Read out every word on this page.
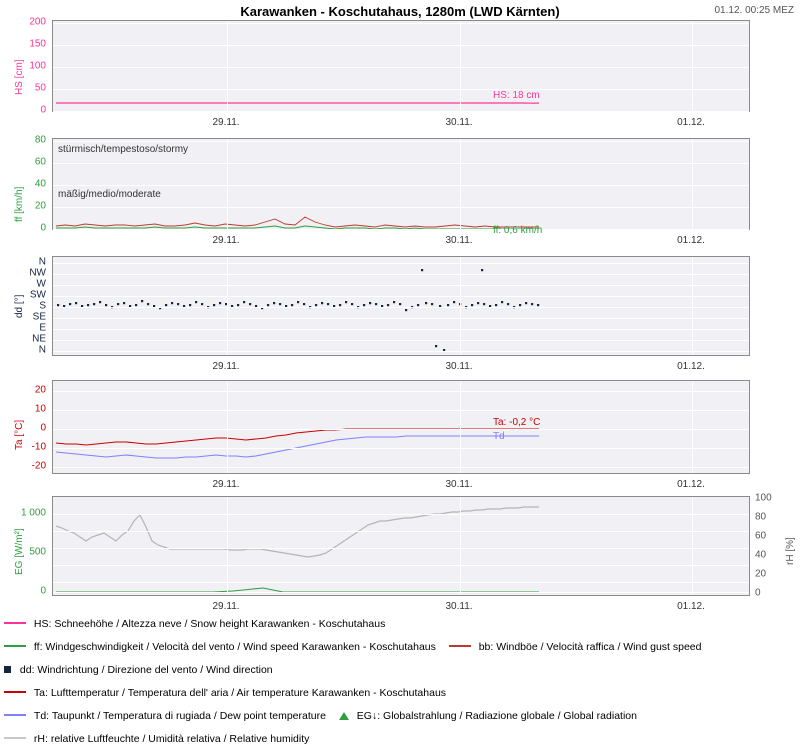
Karawanken - Koschutahaus, 1280m (LWD Kärnten)	01.12. 00:25 MEZ
HS [cm]
200
150
100
50
0
HS: 18 cm
29.11.	30.11.	01.12.
ff [km/h]
80
60
40
20
0
stürmisch/tempestoso/stormy
mäßig/medio/moderate
ff: 0,6 km/h
29.11.	30.11.	01.12.
dd [°]
N
NW
W
SW
S
SE
E
NE
N
29.11.	30.11.	01.12.
Ta [°C]
20
10
0
-10
-20
Ta: -0,2 °C
Td
29.11.	30.11.	01.12.
EG [W/m²]
1 000
500
0
100
80
60
40
20
0
rH [%]
29.11.	30.11.	01.12.
HS: Schneehöhe / Altezza neve / Snow height Karawanken - Koschutahaus
ff: Windgeschwindigkeit / Velocità del vento / Wind speed Karawanken - Koschutahaus	bb: Windböe / Velocità raffica / Wind gust speed
dd: Windrichtung / Direzione del vento / Wind direction
Ta: Lufttemperatur / Temperatura dell' aria / Air temperature Karawanken - Koschutahaus
Td: Taupunkt / Temperatura di rugiada / Dew point temperature	EG↓: Globalstrahlung / Radiazione globale / Global radiation
rH: relative Luftfeuchte / Umidità relativa / Relative humidity
